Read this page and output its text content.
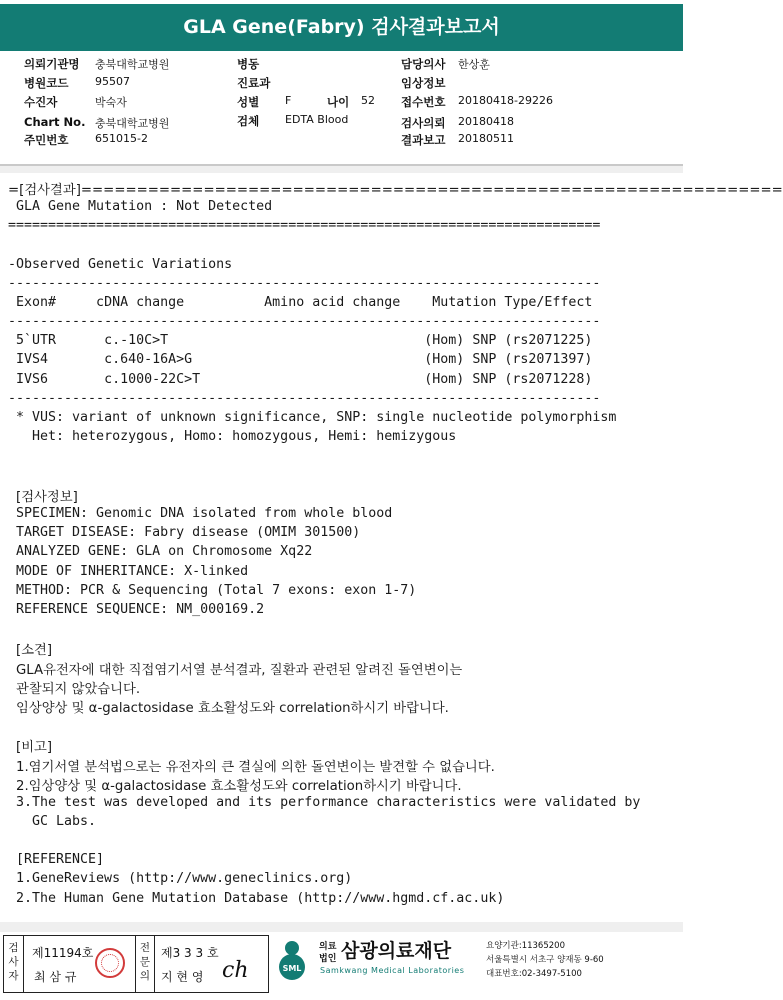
GLA Gene(Fabry) 검사결과보고서
의뢰기관명 충북대학교병원
병원코드 95507
수진자	박숙자
Chart No. 충북대학교병원
주민번호 651015-2
병동
진료과
성별 F	나이 52
검체 EDTA Blood
담당의사 한상훈
임상정보
접수번호 20180418-29226
검사의뢰 20180418
결과보고 20180511
=[검사결과]===============================================================
GLA Gene Mutation : Not Detected
==========================================================================
-Observed Genetic Variations
--------------------------------------------------------------------------
Exon#     cDNA change          Amino acid change    Mutation Type/Effect
--------------------------------------------------------------------------
5`UTR      c.-10C>T                                (Hom) SNP (rs2071225)
IVS4       c.640-16A>G                             (Hom) SNP (rs2071397)
IVS6       c.1000-22C>T                            (Hom) SNP (rs2071228)
--------------------------------------------------------------------------
* VUS: variant of unknown significance, SNP: single nucleotide polymorphism
Het: heterozygous, Homo: homozygous, Hemi: hemizygous
[검사정보]
SPECIMEN: Genomic DNA isolated from whole blood
TARGET DISEASE: Fabry disease (OMIM 301500)
ANALYZED GENE: GLA on Chromosome Xq22
MODE OF INHERITANCE: X-linked
METHOD: PCR & Sequencing (Total 7 exons: exon 1-7)
REFERENCE SEQUENCE: NM_000169.2
[소견]
GLA유전자에 대한 직접염기서열 분석결과, 질환과 관련된 알려진 돌연변이는
관찰되지 않았습니다.
임상양상 및 α-galactosidase 효소활성도와 correlation하시기 바랍니다.
[비고]
1.염기서열 분석법으로는 유전자의 큰 결실에 의한 돌연변이는 발견할 수 없습니다.
2.임상양상 및 α-galactosidase 효소활성도와 correlation하시기 바랍니다.
3.The test was developed and its performance characteristics were validated by
GC Labs.
[REFERENCE]
1.GeneReviews (http://www.geneclinics.org)
2.The Human Gene Mutation Database (http://www.hgmd.cf.ac.uk)
검사자
제11194호
최 삼 규
전문의
제3 3 3 호
지 현 영 ch	SML
의료
법인 삼광의료재단
Samkwang Medical Laboratories
요양기관:11365200
서울특별시 서초구 양재동 9-60
대표번호:02-3497-5100
